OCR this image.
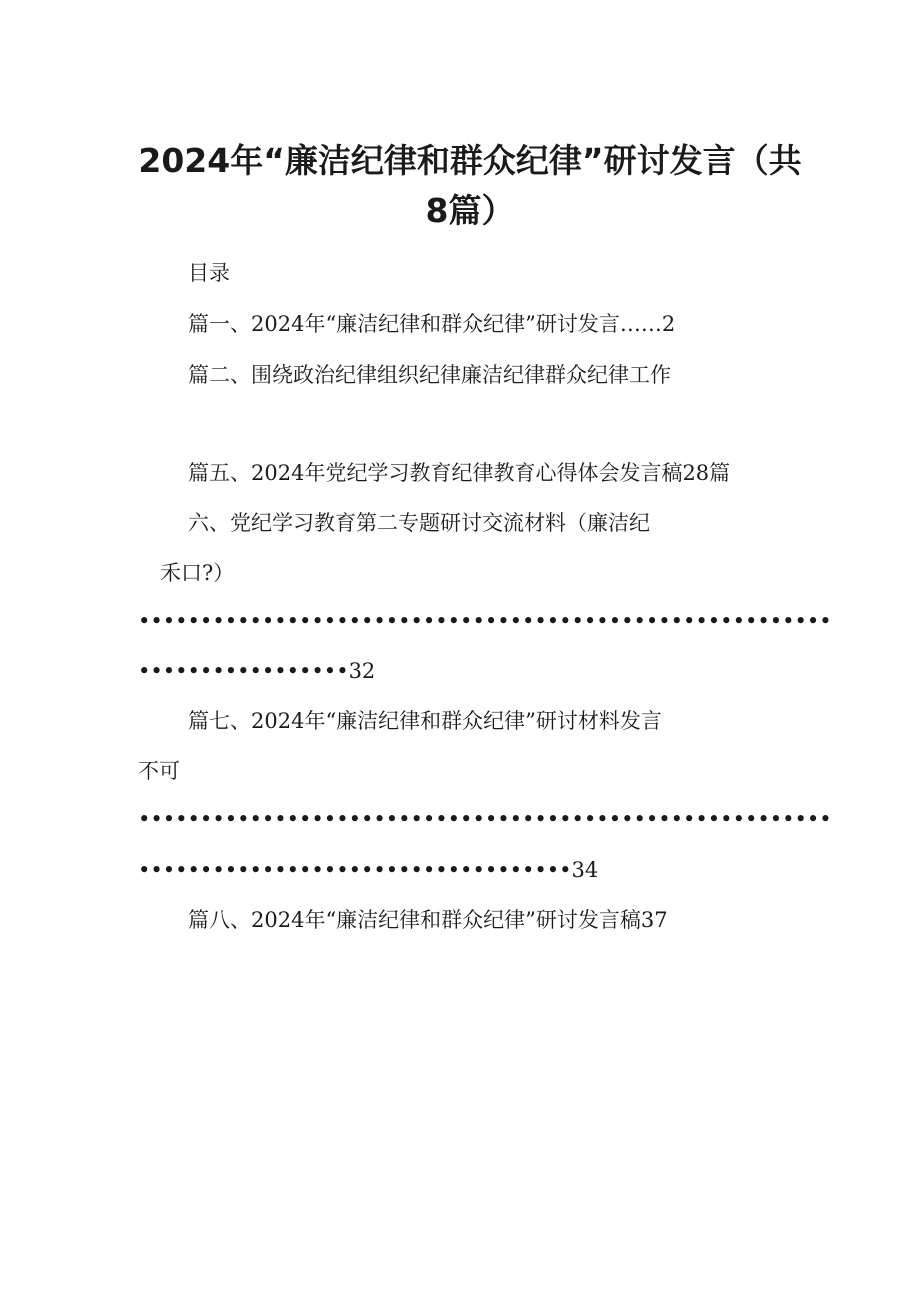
2024年“廉洁纪律和群众纪律”研讨发言（共
8篇）
目录
篇一、2024年“廉洁纪律和群众纪律”研讨发言……2
篇二、围绕政治纪律组织纪律廉洁纪律群众纪律工作
篇五、2024年党纪学习教育纪律教育心得体会发言稿28篇
六、党纪学习教育第二专题研讨交流材料（廉洁纪
禾口?）
••••••••••••••••••••••••••••••••••••••••••••••••••••••••
•••••••••••••••••32
篇七、2024年“廉洁纪律和群众纪律”研讨材料发言
不可
••••••••••••••••••••••••••••••••••••••••••••••••••••••••
•••••••••••••••••••••••••••••••••••34
篇八、2024年“廉洁纪律和群众纪律”研讨发言稿37
